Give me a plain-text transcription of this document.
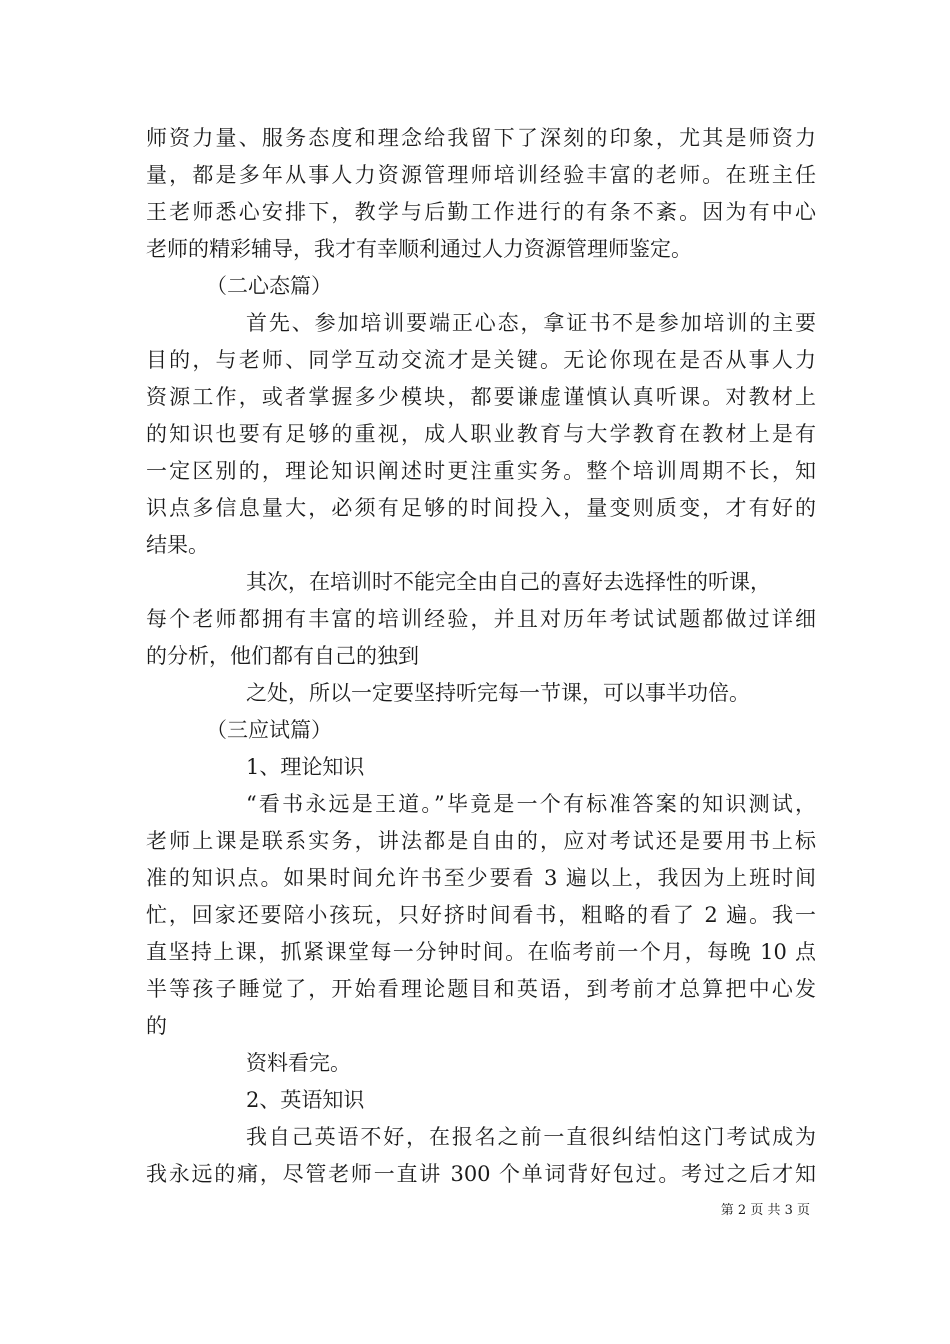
师资力量、服务态度和理念给我留下了深刻的印象，尤其是师资力
量，都是多年从事人力资源管理师培训经验丰富的老师。在班主任
王老师悉心安排下，教学与后勤工作进行的有条不紊。因为有中心
老师的精彩辅导，我才有幸顺利通过人力资源管理师鉴定。
（二心态篇）
首先、参加培训要端正心态，拿证书不是参加培训的主要
目的，与老师、同学互动交流才是关键。无论你现在是否从事人力
资源工作，或者掌握多少模块，都要谦虚谨慎认真听课。对教材上
的知识也要有足够的重视，成人职业教育与大学教育在教材上是有
一定区别的，理论知识阐述时更注重实务。整个培训周期不长，知
识点多信息量大，必须有足够的时间投入，量变则质变，才有好的
结果。
其次，在培训时不能完全由自己的喜好去选择性的听课，
每个老师都拥有丰富的培训经验，并且对历年考试试题都做过详细
的分析，他们都有自己的独到
之处，所以一定要坚持听完每一节课，可以事半功倍。
（三应试篇）
1、理论知识
“看书永远是王道。”毕竟是一个有标准答案的知识测试，
老师上课是联系实务，讲法都是自由的，应对考试还是要用书上标
准的知识点。如果时间允许书至少要看 3 遍以上，我因为上班时间
忙，回家还要陪小孩玩，只好挤时间看书，粗略的看了 2 遍。我一
直坚持上课，抓紧课堂每一分钟时间。在临考前一个月，每晚 10 点
半等孩子睡觉了，开始看理论题目和英语，到考前才总算把中心发
的
资料看完。
2、英语知识
我自己英语不好，在报名之前一直很纠结怕这门考试成为
我永远的痛，尽管老师一直讲 300 个单词背好包过。考过之后才知
第 2 页 共 3 页
